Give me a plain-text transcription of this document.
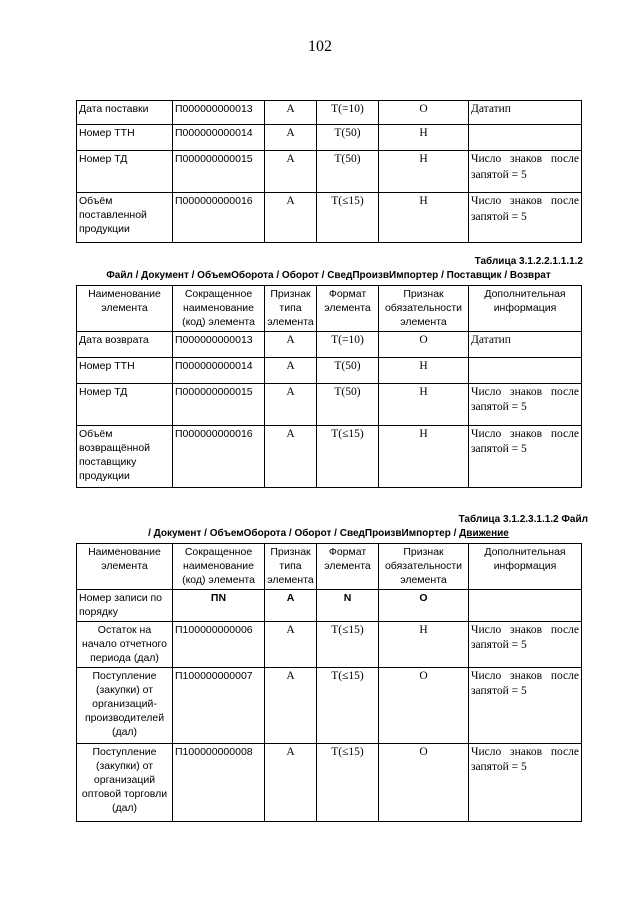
102
Дата поставки	П000000000013	А	Т(=10)	О	Дататип
Номер ТТН	П000000000014	А	Т(50)	Н	
Номер ТД	П000000000015	А	Т(50)	Н	Число знаков после запятой = 5
Объём поставленной продукции	П000000000016	А	Т(≤15)	Н	Число знаков после запятой = 5
Таблица 3.1.2.2.1.1.1.2
Файл / Документ / ОбъемОборота / Оборот / СведПроизвИмпортер / Поставщик / Возврат
Наименование элемента	Сокращенное наименование (код) элемента	Признак типа элемента	Формат элемента	Признак обязательности элемента	Дополнительная информация
Дата возврата	П000000000013	А	Т(=10)	О	Дататип
Номер ТТН	П000000000014	А	Т(50)	Н	
Номер ТД	П000000000015	А	Т(50)	Н	Число знаков после запятой = 5
Объём возвращённой поставщику продукции	П000000000016	А	Т(≤15)	Н	Число знаков после запятой = 5
Таблица 3.1.2.3.1.1.2 Файл
/ Документ / ОбъемОборота / Оборот / СведПроизвИмпортер / Движение
Наименование элемента	Сокращенное наименование (код) элемента	Признак типа элемента	Формат элемента	Признак обязательности элемента	Дополнительная информация
Номер записи по порядку	ПN	А	N	О	
Остаток на начало отчетного периода (дал)	П100000000006	А	Т(≤15)	Н	Число знаков после запятой = 5
Поступление (закупки) от организаций-производителей (дал)	П100000000007	А	Т(≤15)	О	Число знаков после запятой = 5
Поступление (закупки) от организаций оптовой торговли (дал)	П100000000008	А	Т(≤15)	О	Число знаков после запятой = 5
